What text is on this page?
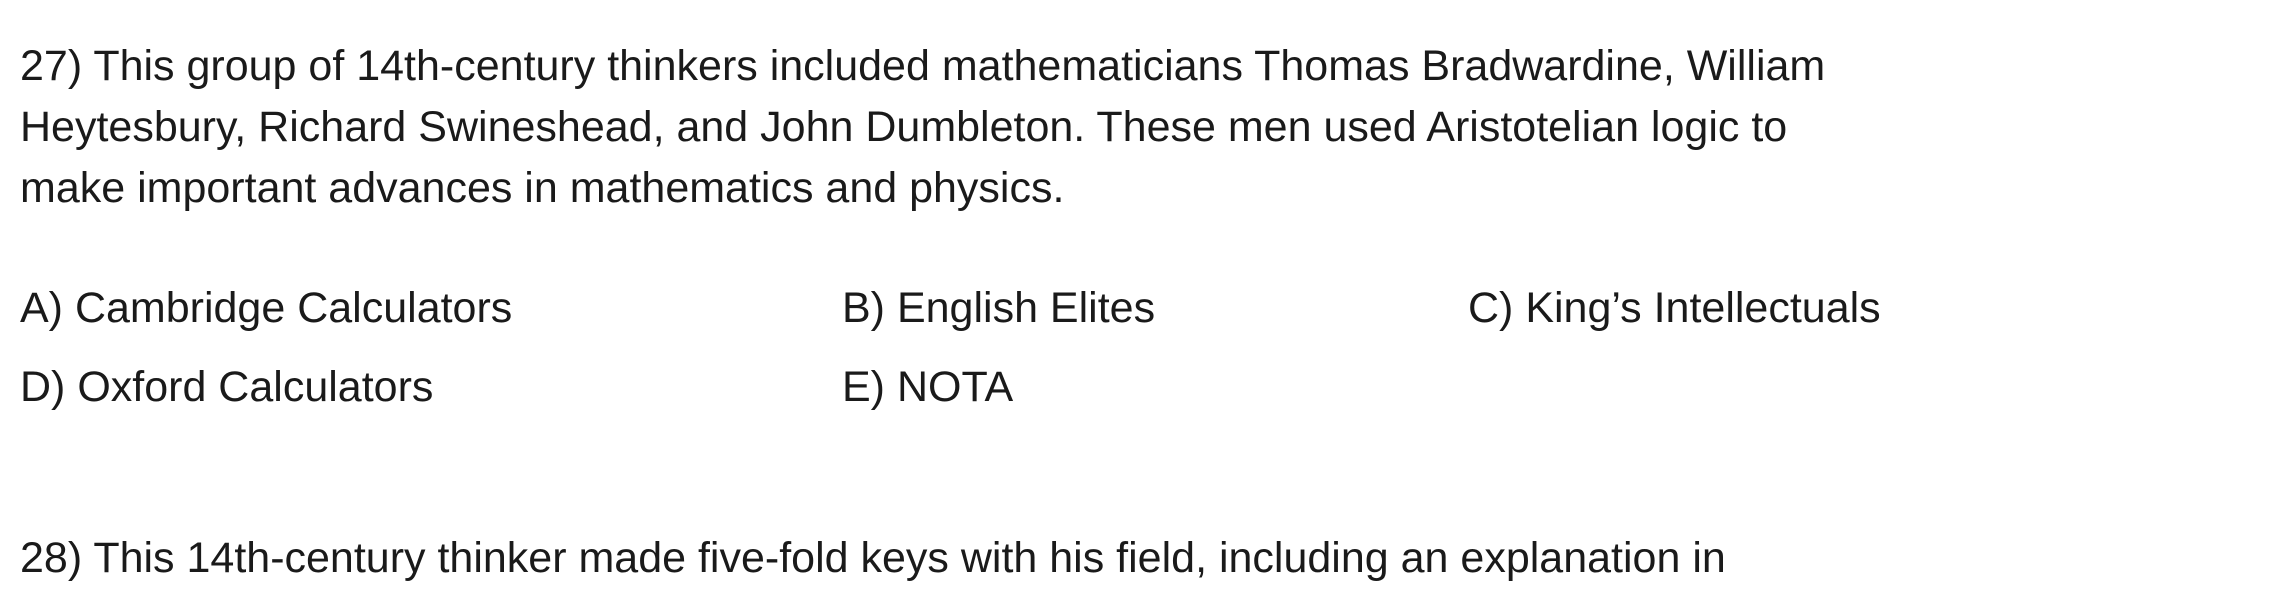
27) This group of 14th-century thinkers included mathematicians Thomas Bradwardine, William
Heytesbury, Richard Swineshead, and John Dumbleton. These men used Aristotelian logic to
make important advances in mathematics and physics.

A) Cambridge Calculators	B) English Elites	C) King’s Intellectuals
D) Oxford Calculators	E) NOTA
28) This 14th-century thinker made five-fold keys with his field, including an explanation in
